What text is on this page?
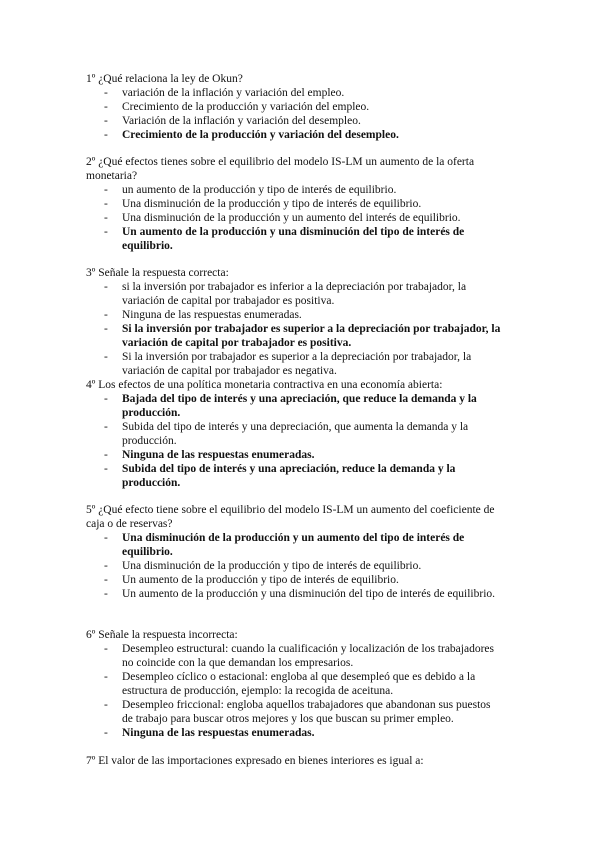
1º ¿Qué relaciona la ley de Okun?

- variación de la inflación y variación del empleo.
- Crecimiento de la producción y variación del empleo.
- Variación de la inflación y variación del desempleo.
- Crecimiento de la producción y variación del desempleo.

2º ¿Qué efectos tienes sobre el equilibrio del modelo IS-LM un aumento de la oferta monetaria?

- un aumento de la producción y tipo de interés de equilibrio.
- Una disminución de la producción y tipo de interés de equilibrio.
- Una disminución de la producción y un aumento del interés de equilibrio.
- Un aumento de la producción y una disminución del tipo de interés de equilibrio.

3º Señale la respuesta correcta:

- si la inversión por trabajador es inferior a la depreciación por trabajador, la variación de capital por trabajador es positiva.
- Ninguna de las respuestas enumeradas.
- Si la inversión por trabajador es superior a la depreciación por trabajador, la variación de capital por trabajador es positiva.
- Si la inversión por trabajador es superior a la depreciación por trabajador, la variación de capital por trabajador es negativa.

4º Los efectos de una política monetaria contractiva en una economía abierta:

- Bajada del tipo de interés y una apreciación, que reduce la demanda y la producción.
- Subida del tipo de interés y una depreciación, que aumenta la demanda y la producción.
- Ninguna de las respuestas enumeradas.
- Subida del tipo de interés y una apreciación, reduce la demanda y la producción.

5º ¿Qué efecto tiene sobre el equilibrio del modelo IS-LM un aumento del coeficiente de caja o de reservas?

- Una disminución de la producción y un aumento del tipo de interés de equilibrio.
- Una disminución de la producción y tipo de interés de equilibrio.
- Un aumento de la producción y tipo de interés de equilibrio.
- Un aumento de la producción y una disminución del tipo de interés de equilibrio.

6º Señale la respuesta incorrecta:

- Desempleo estructural: cuando la cualificación y localización de los trabajadores no coincide con la que demandan los empresarios.
- Desempleo cíclico o estacional: engloba al que desempleó que es debido a la estructura de producción, ejemplo: la recogida de aceituna.
- Desempleo friccional: engloba aquellos trabajadores que abandonan sus puestos de trabajo para buscar otros mejores y los que buscan su primer empleo.
- Ninguna de las respuestas enumeradas.

7º El valor de las importaciones expresado en bienes interiores es igual a:
